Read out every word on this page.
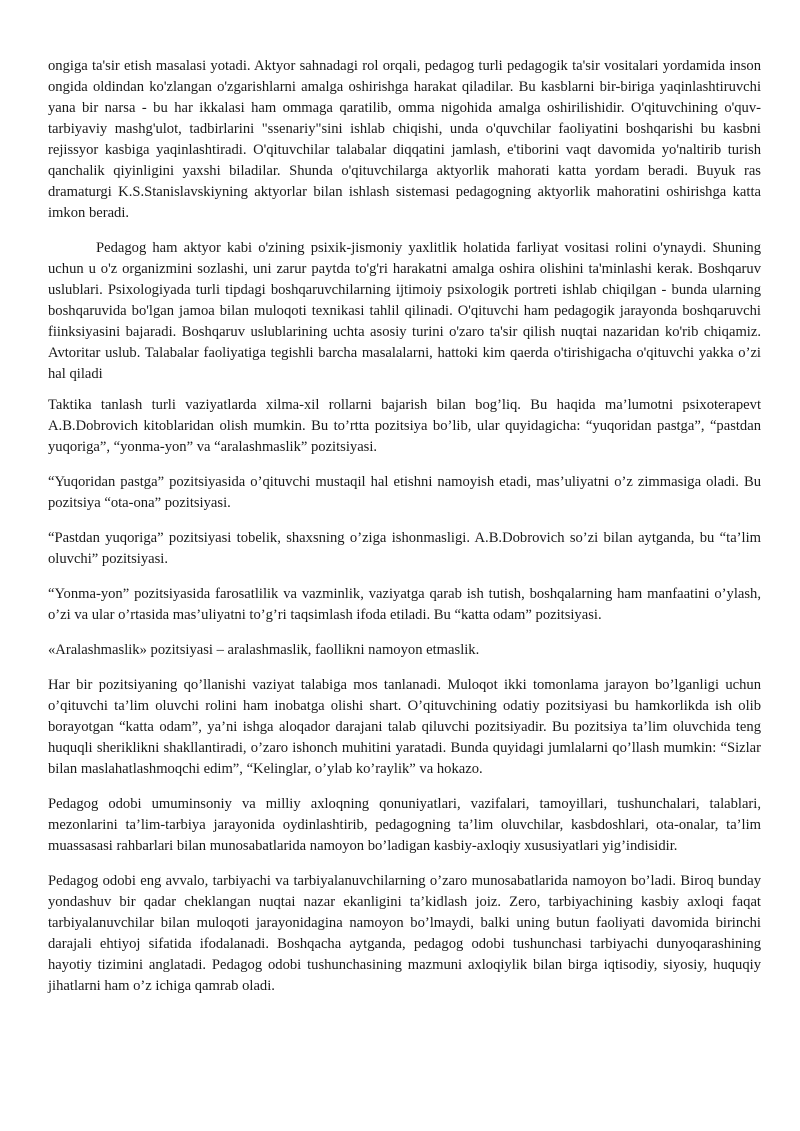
ongiga ta'sir etish masalasi yotadi. Aktyor sahnadagi rol orqali, pedagog turli pedagogik ta'sir vositalari yordamida inson ongida oldindan ko'zlangan o'zgarishlarni amalga oshirishga harakat qiladilar. Bu kasblarni bir-biriga yaqinlashtiruvchi yana bir narsa - bu har ikkalasi ham ommaga qaratilib, omma nigohida amalga oshirilishidir. O'qituvchining o'quv-tarbiyaviy mashg'ulot, tadbirlarini "ssenariy"sini ishlab chiqishi, unda o'quvchilar faoliyatini boshqarishi bu kasbni rejissyor kasbiga yaqinlashtiradi. O'qituvchilar talabalar diqqatini jamlash, e'tiborini vaqt davomida yo'naltirib turish qanchalik qiyinligini yaxshi biladilar. Shunda o'qituvchilarga aktyorlik mahorati katta yordam beradi. Buyuk ras dramaturgi K.S.Stanislavskiyning aktyorlar bilan ishlash sistemasi pedagogning aktyorlik mahoratini oshirishga katta imkon beradi.

Pedagog ham aktyor kabi o'zining psixik-jismoniy yaxlitlik holatida farliyat vositasi rolini o'ynaydi. Shuning uchun u o'z organizmini sozlashi, uni zarur paytda to'g'ri harakatni amalga oshira olishini ta'minlashi kerak. Boshqaruv uslublari. Psixologiyada turli tipdagi boshqaruvchilarning ijtimoiy psixologik portreti ishlab chiqilgan - bunda ularning boshqaruvida bo'lgan jamoa bilan muloqoti texnikasi tahlil qilinadi. O'qituvchi ham pedagogik jarayonda boshqaruvchi fiinksiyasini bajaradi. Boshqaruv uslublarining uchta asosiy turini o'zaro ta'sir qilish nuqtai nazaridan ko'rib chiqamiz. Avtoritar uslub. Talabalar faoliyatiga tegishli barcha masalalarni, hattoki kim qaerda o'tirishigacha o'qituvchi yakka o’zi hal qiladi

Taktika tanlash turli vaziyatlarda xilma-xil rollarni bajarish bilan bog’liq. Bu haqida ma’lumotni psixoterapevt A.B.Dobrovich kitoblaridan olish mumkin. Bu to’rtta pozitsiya bo’lib, ular quyidagicha: “yuqoridan pastga”, “pastdan yuqoriga”, “yonma-yon” va “aralashmaslik” pozitsiyasi.

“Yuqoridan pastga” pozitsiyasida o’qituvchi mustaqil hal etishni namoyish etadi, mas’uliyatni o’z zimmasiga oladi. Bu pozitsiya “ota-ona” pozitsiyasi.

“Pastdan yuqoriga” pozitsiyasi tobelik, shaxsning o’ziga ishonmasligi. A.B.Dobrovich so’zi bilan aytganda, bu “ta’lim oluvchi” pozitsiyasi.

“Yonma-yon” pozitsiyasida farosatlilik va vazminlik, vaziyatga qarab ish tutish, boshqalarning ham manfaatini o’ylash, o’zi va ular o’rtasida mas’uliyatni to’g’ri taqsimlash ifoda etiladi. Bu “katta odam” pozitsiyasi.

«Aralashmaslik» pozitsiyasi – aralashmaslik, faollikni namoyon etmaslik.

Har bir pozitsiyaning qo’llanishi vaziyat talabiga mos tanlanadi. Muloqot ikki tomonlama jarayon bo’lganligi uchun o’qituvchi ta’lim oluvchi rolini ham inobatga olishi shart. O’qituvchining odatiy pozitsiyasi bu hamkorlikda ish olib borayotgan “katta odam”, ya’ni ishga aloqador darajani talab qiluvchi pozitsiyadir. Bu pozitsiya ta’lim oluvchida teng huquqli sheriklikni shakllantiradi, o’zaro ishonch muhitini yaratadi. Bunda quyidagi jumlalarni qo’llash mumkin: “Sizlar bilan maslahatlashmoqchi edim”, “Kelinglar, o’ylab ko’raylik” va hokazo.

Pedagog odobi umuminsoniy va milliy axloqning qonuniyatlari, vazifalari, tamoyillari, tushunchalari, talablari, mezonlarini ta’lim-tarbiya jarayonida oydinlashtirib, pedagogning ta’lim oluvchilar, kasbdoshlari, ota-onalar, ta’lim muassasasi rahbarlari bilan munosabatlarida namoyon bo’ladigan kasbiy-axloqiy xususiyatlari yig’indisidir.

Pedagog odobi eng avvalo, tarbiyachi va tarbiyalanuvchilarning o’zaro munosabatlarida namoyon bo’ladi. Biroq bunday yondashuv bir qadar cheklangan nuqtai nazar ekanligini ta’kidlash joiz. Zero, tarbiyachining kasbiy axloqi faqat tarbiyalanuvchilar bilan muloqoti jarayonidagina namoyon bo’lmaydi, balki uning butun faoliyati davomida birinchi darajali ehtiyoj sifatida ifodalanadi. Boshqacha aytganda, pedagog odobi tushunchasi tarbiyachi dunyoqarashining hayotiy tizimini anglatadi. Pedagog odobi tushunchasining mazmuni axloqiylik bilan birga iqtisodiy, siyosiy, huquqiy jihatlarni ham o’z ichiga qamrab oladi.
